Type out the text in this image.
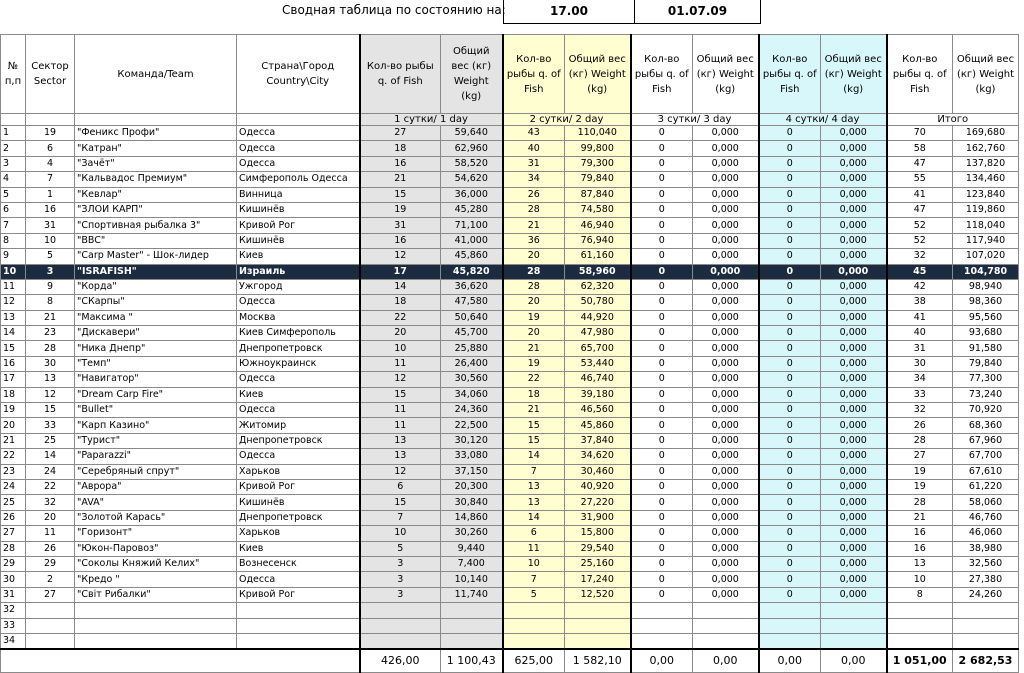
Сводная таблица по состоянию на:	17.00	01.07.09
№ п,п	Сектор Sector	Команда/Team	Страна\Город Country\City	Кол-во рыбы q. of Fish	Общий вес (кг) Weight (kg)	Кол-во рыбы q. of Fish	Общий вес (кг) Weight (kg)	Кол-во рыбы q. of Fish	Общий вес (кг) Weight (kg)	Кол-во рыбы q. of Fish	Общий вес (кг) Weight (kg)	Кол-во рыбы q. of Fish	Общий вес (кг) Weight (kg)
				1 сутки/ 1 day		2 сутки/ 2 day		3 сутки/ 3 day		4 сутки/ 4 day		Итого	
1	19	"Феникс Профи"	Одесса	27	59,640	43	110,040	0	0,000	0	0,000	70	169,680
2	6	"Катран"	Одесса	18	62,960	40	99,800	0	0,000	0	0,000	58	162,760
3	4	"Зачёт"	Одесса	16	58,520	31	79,300	0	0,000	0	0,000	47	137,820
4	7	"Кальвадос Премиум"	Симферополь Одесса	21	54,620	34	79,840	0	0,000	0	0,000	55	134,460
5	1	"Кевлар"	Винница	15	36,000	26	87,840	0	0,000	0	0,000	41	123,840
6	16	"ЗЛОИ КАРП"	Кишинёв	19	45,280	28	74,580	0	0,000	0	0,000	47	119,860
7	31	"Спортивная рыбалка 3"	Кривой Рог	31	71,100	21	46,940	0	0,000	0	0,000	52	118,040
8	10	"BBC"	Кишинёв	16	41,000	36	76,940	0	0,000	0	0,000	52	117,940
9	5	"Carp Master" - Шок-лидер	Киев	12	45,860	20	61,160	0	0,000	0	0,000	32	107,020
10	3	"ISRAFISH"	Израиль	17	45,820	28	58,960	0	0,000	0	0,000	45	104,780
11	9	"Корда"	Ужгород	14	36,620	28	62,320	0	0,000	0	0,000	42	98,940
12	8	"СКарпы"	Одесса	18	47,580	20	50,780	0	0,000	0	0,000	38	98,360
13	21	"Максима "	Москва	22	50,640	19	44,920	0	0,000	0	0,000	41	95,560
14	23	"Дискавери"	Киев Симферополь	20	45,700	20	47,980	0	0,000	0	0,000	40	93,680
15	28	"Ника Днепр"	Днепропетровск	10	25,880	21	65,700	0	0,000	0	0,000	31	91,580
16	30	"Темп"	Южноукраинск	11	26,400	19	53,440	0	0,000	0	0,000	30	79,840
17	13	"Навигатор"	Одесса	12	30,560	22	46,740	0	0,000	0	0,000	34	77,300
18	12	"Dream Carp Fire"	Киев	15	34,060	18	39,180	0	0,000	0	0,000	33	73,240
19	15	"Bullet"	Одесса	11	24,360	21	46,560	0	0,000	0	0,000	32	70,920
20	33	"Карп Казино"	Житомир	11	22,500	15	45,860	0	0,000	0	0,000	26	68,360
21	25	"Турист"	Днепропетровск	13	30,120	15	37,840	0	0,000	0	0,000	28	67,960
22	14	"Paparazzi"	Одесса	13	33,080	14	34,620	0	0,000	0	0,000	27	67,700
23	24	"Серебряный спрут"	Харьков	12	37,150	7	30,460	0	0,000	0	0,000	19	67,610
24	22	"Аврора"	Кривой Рог	6	20,300	13	40,920	0	0,000	0	0,000	19	61,220
25	32	"AVA"	Кишинёв	15	30,840	13	27,220	0	0,000	0	0,000	28	58,060
26	20	"Золотой Карась"	Днепропетровск	7	14,860	14	31,900	0	0,000	0	0,000	21	46,760
27	11	"Горизонт"	Харьков	10	30,260	6	15,800	0	0,000	0	0,000	16	46,060
28	26	"Юкон-Паровоз"	Киев	5	9,440	11	29,540	0	0,000	0	0,000	16	38,980
29	29	"Соколы Княжий Келих"	Вознесенск	3	7,400	10	25,160	0	0,000	0	0,000	13	32,560
30	2	"Кредо "	Одесса	3	10,140	7	17,240	0	0,000	0	0,000	10	27,380
31	27	"Світ Рибалки"	Кривой Рог	3	11,740	5	12,520	0	0,000	0	0,000	8	24,260
32													
33													
34													
				426,00	1 100,43	625,00	1 582,10	0,00	0,00	0,00	0,00	1 051,00	2 682,53
